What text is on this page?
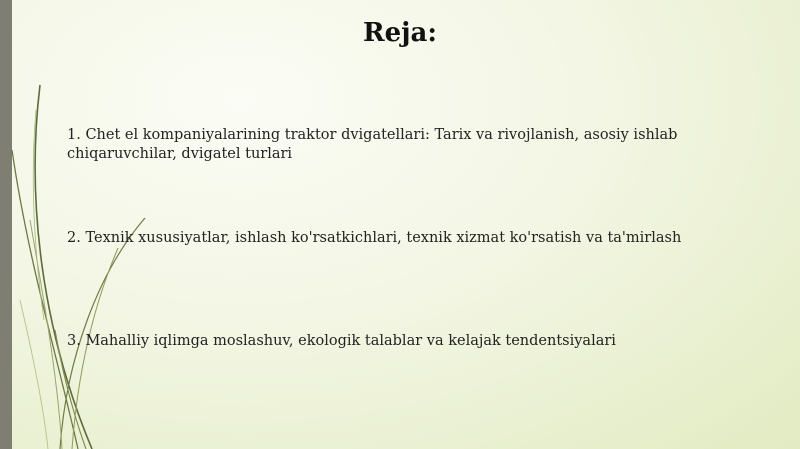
Reja:

1. Chet el kompaniyalarining traktor dvigatellari: Tarix va rivojlanish, asosiy ishlab chiqaruvchilar, dvigatel turlari

2. Texnik xususiyatlar, ishlash ko'rsatkichlari, texnik xizmat ko'rsatish va ta'mirlash

3. Mahalliy iqlimga moslashuv, ekologik talablar va kelajak tendentsiyalari
